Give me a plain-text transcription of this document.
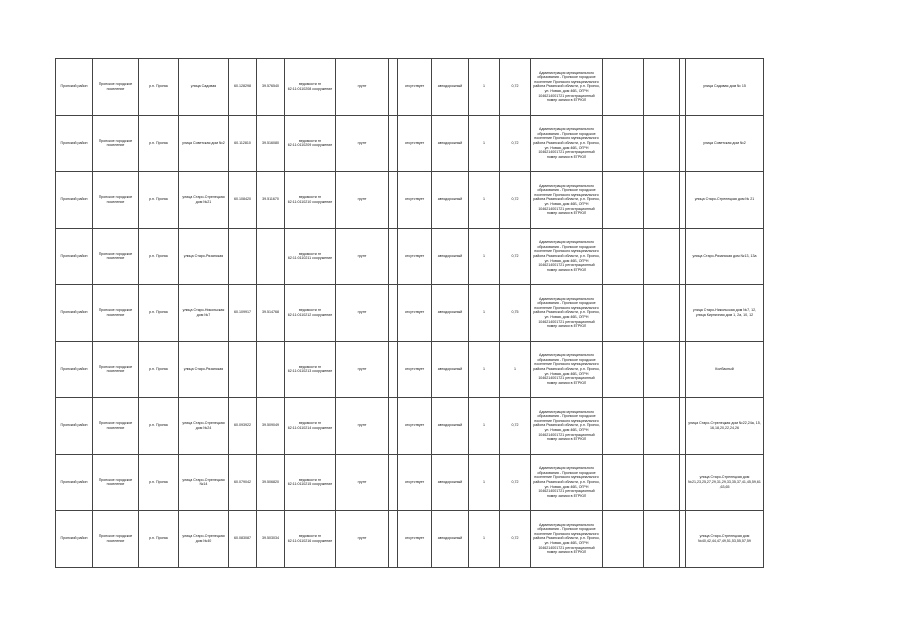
Пронский район	Пронское городское поселение	р.п. Пронск	улица Садовая	60.128298	39.576540	ведомости гп 62:11:0110208 сооружение	грунт		отсутствует	автодорожный	1	0,72	Администрация муниципального образования - Пронское городское поселение Пронского муниципального района Рязанской области, р.п. Пронск, ул. Новая, дом 46Б, ОГРН 1046214001721 регистрационный номер записи в ЕГРЮЛ				улица Садовая дом № 15
Пронский район	Пронское городское поселение	р.п. Пронск	улица Советская дом №2	60.112810	39.516080	ведомости гп 62:11:0110209 сооружение	грунт		отсутствует	автодорожный	1	0,72	Администрация муниципального образования - Пронское городское поселение Пронского муниципального района Рязанской области, р.п. Пронск, ул. Новая, дом 46Б, ОГРН 1046214001721 регистрационный номер записи в ЕГРЮЛ				улица Советская дом №2
Пронский район	Пронское городское поселение	р.п. Пронск	улица Старо-Стрелецкая дом №21	60.108420	39.511670	ведомости гп 62:11:0110210 сооружение	грунт		отсутствует	автодорожный	1	0,72	Администрация муниципального образования - Пронское городское поселение Пронского муниципального района Рязанской области, р.п. Пронск, ул. Новая, дом 46Б, ОГРН 1046214001721 регистрационный номер записи в ЕГРЮЛ				улица Старо-Стрелецкая дом № 21
Пронский район	Пронское городское поселение	р.п. Пронск	улица Старо-Рязанская			ведомости гп 62:11:0110211 сооружение	грунт		отсутствует	автодорожный	1	0,72	Администрация муниципального образования - Пронское городское поселение Пронского муниципального района Рязанской области, р.п. Пронск, ул. Новая, дом 46Б, ОГРН 1046214001721 регистрационный номер записи в ЕГРЮЛ				улица Старо-Рязанская дом №13, 13а
Пронский район	Пронское городское поселение	р.п. Пронск	улица Старо-Никольская дом №7	60.109917	39.514768	ведомости гп 62:11:0110212 сооружение	грунт		отсутствует	автодорожный	1	0,75	Администрация муниципального образования - Пронское городское поселение Пронского муниципального района Рязанской области, р.п. Пронск, ул. Новая, дом 46Б, ОГРН 1046214001721 регистрационный номер записи в ЕГРЮЛ				улица Старо-Никольская дом №7, 12, улица Кирпичная дом 1, 2а, 10, 12
Пронский район	Пронское городское поселение	р.п. Пронск	улица Старо-Рязанская			ведомости гп 62:11:0110213 сооружение	грунт		отсутствует	автодорожный	1	1	Администрация муниципального образования - Пронское городское поселение Пронского муниципального района Рязанской области, р.п. Пронск, ул. Новая, дом 46Б, ОГРН 1046214001721 регистрационный номер записи в ЕГРЮЛ				Колбасный
Пронский район	Пронское городское поселение	р.п. Пронск	улица Старо-Стрелецкая дом №24	60.093922	39.509049	ведомости гп 62:11:0110214 сооружение	грунт		отсутствует	автодорожный	1	0,72	Администрация муниципального образования - Пронское городское поселение Пронского муниципального района Рязанской области, р.п. Пронск, ул. Новая, дом 46Б, ОГРН 1046214001721 регистрационный номер записи в ЕГРЮЛ				улица Старо-Стрелецкая дом №22,24а, 15, 16,18,20,22,24,26
Пронский район	Пронское городское поселение	р.п. Пронск	улица Старо-Стрелецкая №14	60.079042	39.506820	ведомости гп 62:11:0110215 сооружение	грунт		отсутствует	автодорожный	1	0,72	Администрация муниципального образования - Пронское городское поселение Пронского муниципального района Рязанской области, р.п. Пронск, ул. Новая, дом 46Б, ОГРН 1046214001721 регистрационный номер записи в ЕГРЮЛ				улица Старо-Стрелецкая дом №21,23,25,27,29,31,29,33,35,37,41,45,59,61,63,65
Пронский район	Пронское городское поселение	р.п. Пронск	улица Старо-Стрелецкая дом №40	60.083087	39.503034	ведомости гп 62:11:0110216 сооружение	грунт		отсутствует	автодорожный	1	0,72	Администрация муниципального образования - Пронское городское поселение Пронского муниципального района Рязанской области, р.п. Пронск, ул. Новая, дом 46Б, ОГРН 1046214001721 регистрационный номер записи в ЕГРЮЛ				улица Старо-Стрелецкая дом №40,42,44,47,49,51,53,55,57,59
